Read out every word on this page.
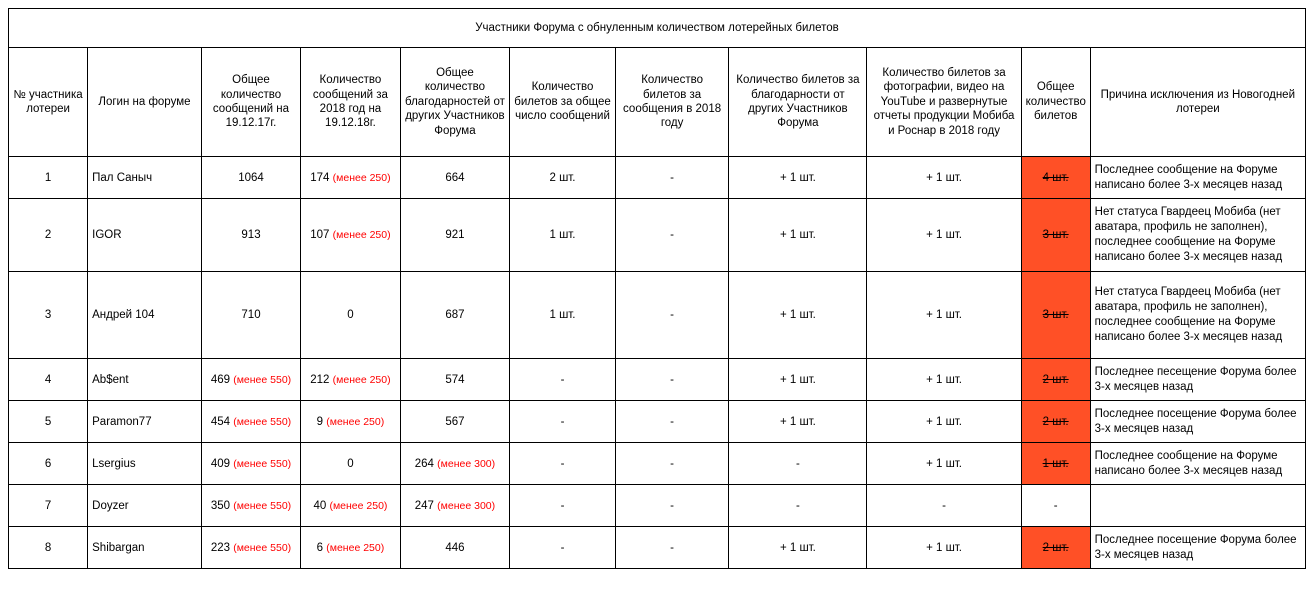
Участники Форума с обнуленным количеством лотерейных билетов										
№ участника лотереи	Логин на форуме	Общее количество сообщений на 19.12.17г.	Количество сообщений за 2018 год на 19.12.18г.	Общее количество благодарностей от других Участников Форума	Количество билетов за общее число сообщений	Количество билетов за сообщения в 2018 году	Количество билетов за благодарности от других Участников Форума	Количество билетов за фотографии, видео на YouTube и развернутые отчеты продукции Мобиба и Роснар в 2018 году	Общее количество билетов	Причина исключения из Новогодней лотереи
1	Пал Саныч	1064	174 (менее 250)	664	2 шт.	-	+ 1 шт.	+ 1 шт.	4 шт.	Последнее сообщение на Форуме написано более 3-х месяцев назад
2	IGOR	913	107 (менее 250)	921	1 шт.	-	+ 1 шт.	+ 1 шт.	3 шт.	Нет статуса Гвардеец Мобиба (нет аватара, профиль не заполнен), последнее сообщение на Форуме написано более 3-х месяцев назад
3	Андрей 104	710	0	687	1 шт.	-	+ 1 шт.	+ 1 шт.	3 шт.	Нет статуса Гвардеец Мобиба (нет аватара, профиль не заполнен), последнее сообщение на Форуме написано более 3-х месяцев назад
4	Ab$ent	469 (менее 550)	212 (менее 250)	574	-	-	+ 1 шт.	+ 1 шт.	2 шт.	Последнее песещение Форума более 3-х месяцев назад
5	Paramon77	454 (менее 550)	9 (менее 250)	567	-	-	+ 1 шт.	+ 1 шт.	2 шт.	Последнее посещение Форума более 3-х месяцев назад
6	Lsergius	409 (менее 550)	0	264 (менее 300)	-	-	-	+ 1 шт.	1 шт.	Последнее сообщение на Форуме написано более 3-х месяцев назад
7	Doyzer	350 (менее 550)	40 (менее 250)	247 (менее 300)	-	-	-	-	-	
8	Shibargan	223 (менее 550)	6 (менее 250)	446	-	-	+ 1 шт.	+ 1 шт.	2 шт.	Последнее посещение Форума более 3-х месяцев назад
